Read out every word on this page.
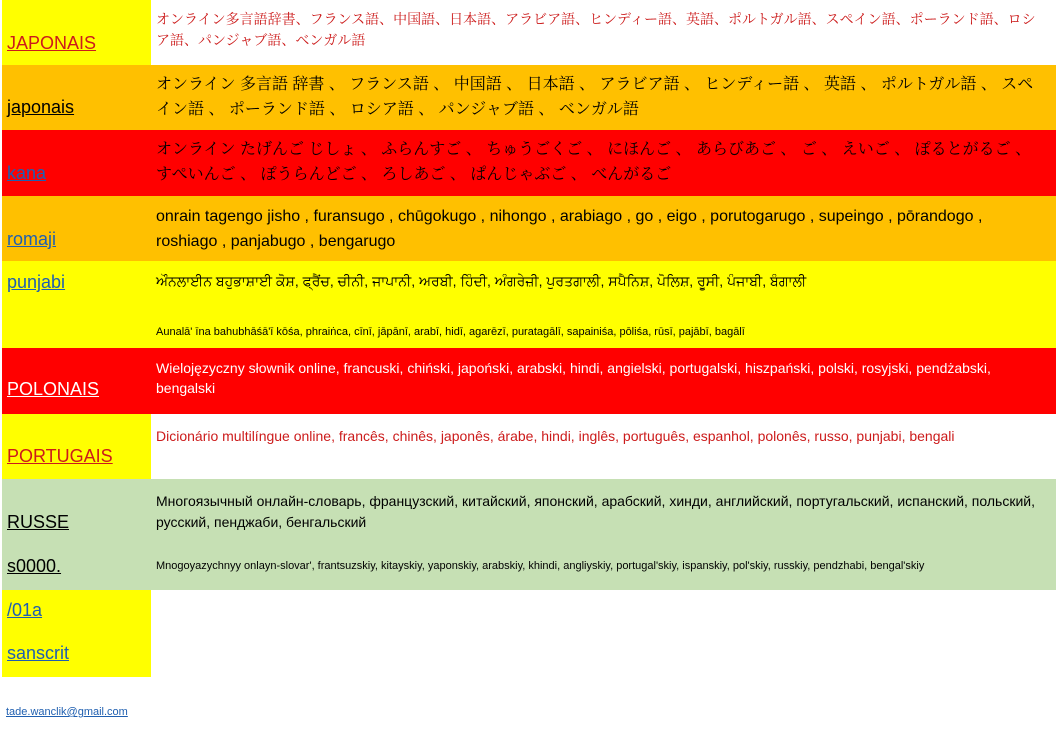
JAPONAIS
オンライン多言語辞書、フランス語、中国語、日本語、アラビア語、ヒンディー語、英語、ポルトガル語、スペイン語、ポーランド語、ロシア語、パンジャブ語、ベンガル語
japonais
オンライン 多言語 辞書 、 フランス語 、 中国語 、 日本語 、 アラビア語 、 ヒンディー語 、 英語 、 ポルトガル語 、 スペイン語 、 ポーランド語 、 ロシア語 、 パンジャブ語 、 ベンガル語
kana
オンライン たげんご じしょ 、 ふらんすご 、 ちゅうごくご 、 にほんご 、 あらびあご 、 ご 、 えいご 、 ぽるとがるご 、 すぺいんご 、 ぽうらんどご 、 ろしあご 、 ぱんじゃぶご 、 べんがるご
romaji
onrain tagengo jisho , furansugo , chūgokugo , nihongo , arabiago , go , eigo , porutogarugo , supeingo , pōrandogo , roshiago , panjabugo , bengarugo
punjabi	ਔਨਲਾਈਨ ਬਹੁਭਾਸ਼ਾਈ ਕੋਸ਼, ਫ੍ਰੈਂਚ, ਚੀਨੀ, ਜਾਪਾਨੀ, ਅਰਬੀ, ਹਿੰਦੀ, ਅੰਗਰੇਜ਼ੀ, ਪੁਰਤਗਾਲੀ, ਸਪੈਨਿਸ਼, ਪੋਲਿਸ਼, ਰੂਸੀ, ਪੰਜਾਬੀ, ਬੰਗਾਲੀ
Aunalā' īna bahubhāśā'ī kōśa, phraiṅca, cīnī, jāpānī, arabī, hidī, agarēzī, puratagālī, sapainiśa, pōliśa, rūsī, pajābī, bagālī
POLONAIS
Wielojęzyczny słownik online, francuski, chiński, japoński, arabski, hindi, angielski, portugalski, hiszpański, polski, rosyjski, pendżabski, bengalski
PORTUGAIS
Dicionário multilíngue online, francês, chinês, japonês, árabe, hindi, inglês, português, espanhol, polonês, russo, punjabi, bengali
RUSSE
s0000.
Многоязычный онлайн-словарь, французский, китайский, японский, арабский, хинди, английский, португальский, испанский, польский, русский, пенджаби, бенгальский
Mnogoyazychnyy onlayn-slovar', frantsuzskiy, kitayskiy, yaponskiy, arabskiy, khindi, angliyskiy, portugal'skiy, ispanskiy, pol'skiy, russkiy, pendzhabi, bengal'skiy
/01a
sanscrit
tade.wanclik@gmail.com
